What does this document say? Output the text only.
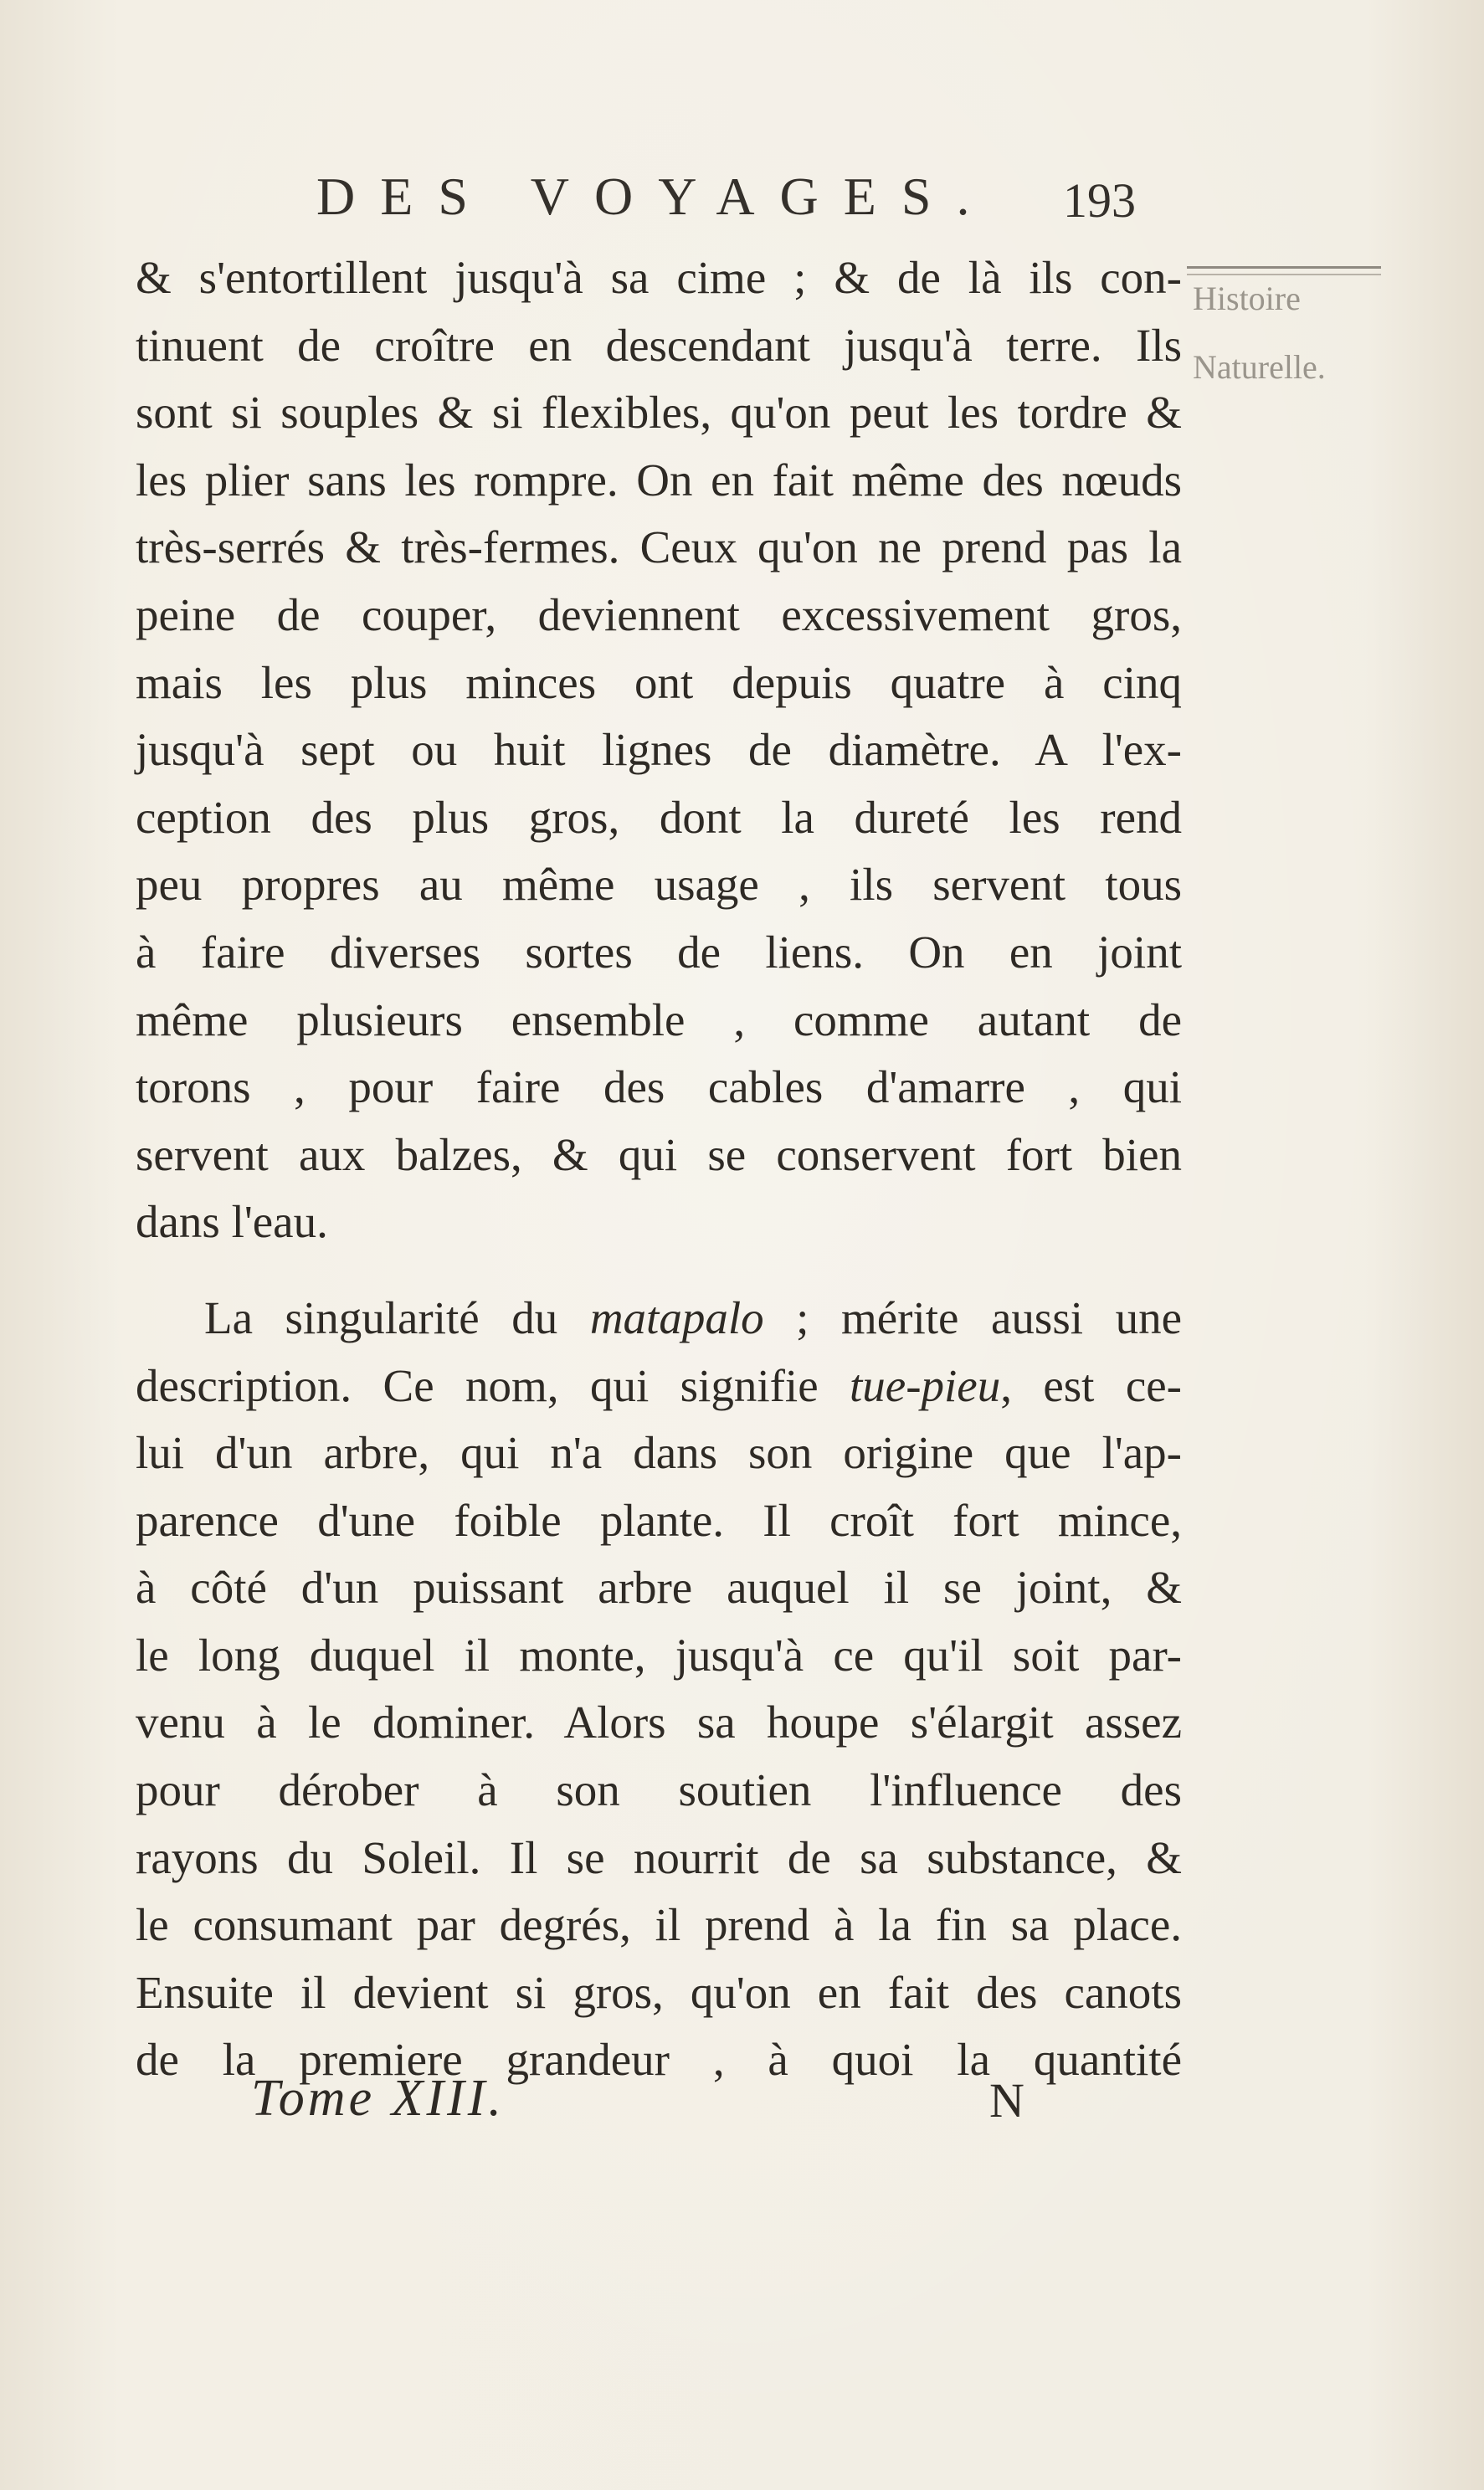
DES VOYAGES. 193
Histoire
Naturelle.
& s'entortillent jusqu'à sa cime ; & de là ils con-
tinuent de croître en descendant jusqu'à terre. Ils
sont si souples & si flexibles, qu'on peut les tordre &
les plier sans les rompre. On en fait même des nœuds
très-serrés & très-fermes. Ceux qu'on ne prend pas la
peine de couper, deviennent excessivement gros,
mais les plus minces ont depuis quatre à cinq
jusqu'à sept ou huit lignes de diamètre. A l'ex-
ception des plus gros, dont la dureté les rend
peu propres au même usage , ils servent tous
à faire diverses sortes de liens. On en joint
même plusieurs ensemble , comme autant de
torons , pour faire des cables d'amarre , qui
servent aux balzes, & qui se conservent fort bien
dans l'eau.
La singularité du matapalo ; mérite aussi une
description. Ce nom, qui signifie tue-pieu, est ce-
lui d'un arbre, qui n'a dans son origine que l'ap-
parence d'une foible plante. Il croît fort mince,
à côté d'un puissant arbre auquel il se joint, &
le long duquel il monte, jusqu'à ce qu'il soit par-
venu à le dominer. Alors sa houpe s'élargit assez
pour dérober à son soutien l'influence des
rayons du Soleil. Il se nourrit de sa substance, &
le consumant par degrés, il prend à la fin sa place.
Ensuite il devient si gros, qu'on en fait des canots
de la premiere grandeur , à quoi la quantité
Tome XIII.	N
